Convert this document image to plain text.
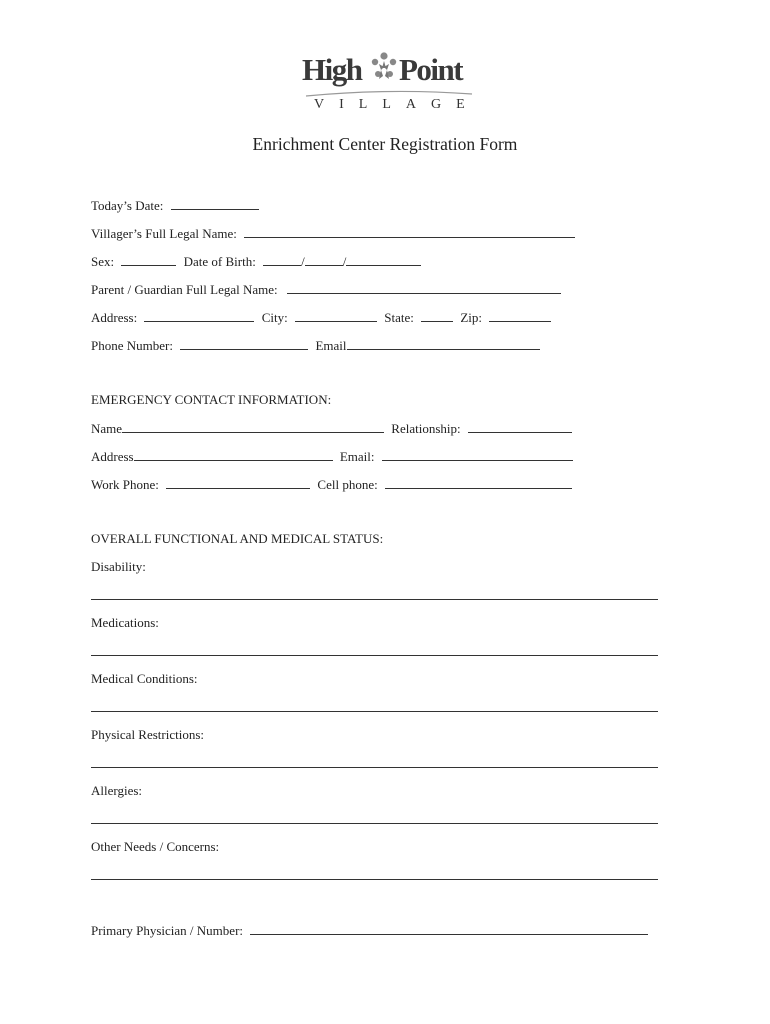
High Point
VILLAGE
Enrichment Center Registration Form
Today’s Date:
Villager’s Full Legal Name:
Sex:	Date of Birth:	/	/
Parent / Guardian Full Legal Name:
Address:	City:	State:	Zip:
Phone Number:	Email
EMERGENCY CONTACT INFORMATION:
Name	Relationship:
Address	Email:
Work Phone:	Cell phone:
OVERALL FUNCTIONAL AND MEDICAL STATUS:
Disability:
Medications:
Medical Conditions:
Physical Restrictions:
Allergies:
Other Needs / Concerns:
Primary Physician / Number:
